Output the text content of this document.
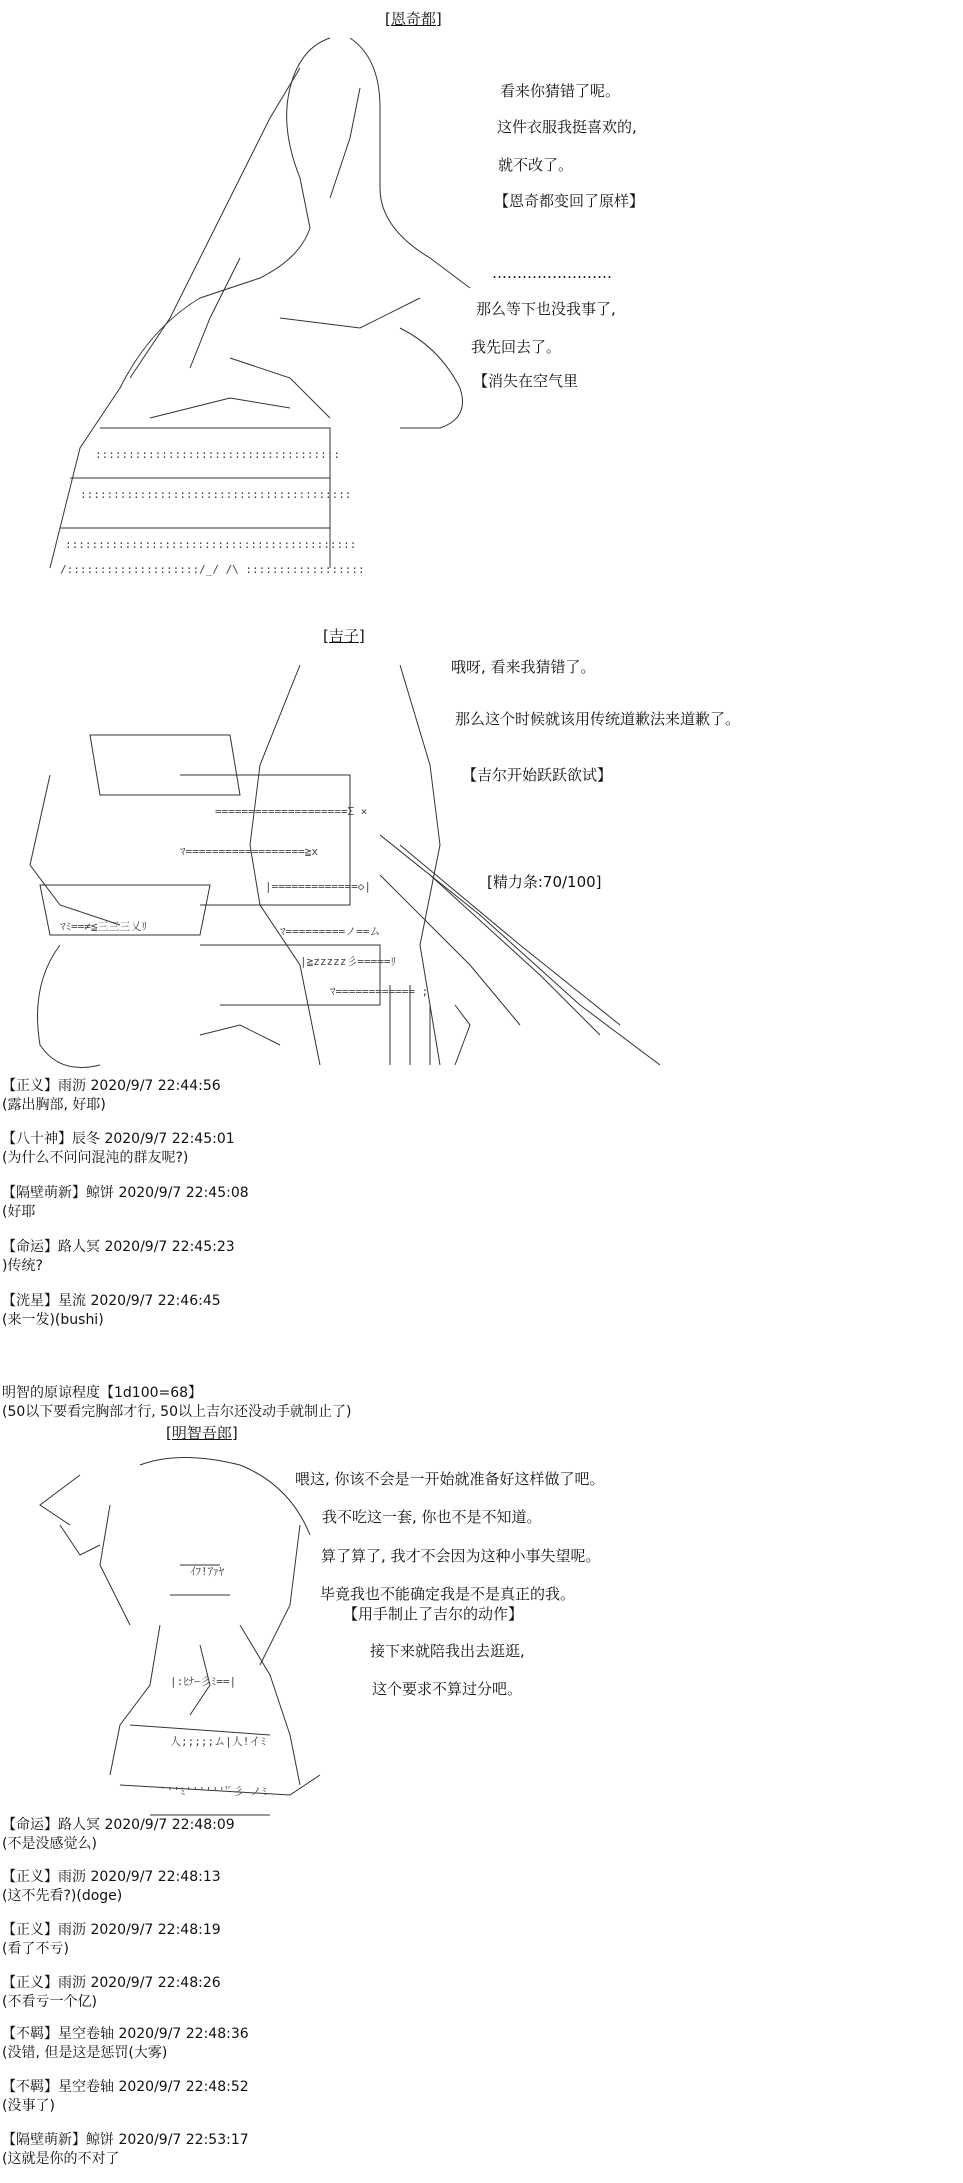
[恩奇都]
:::::::::::::::::::::::::::::::::::::
:::::::::::::::::::::::::::::::::::::::::
::::::::::::::::::::::::::::::::::::::::::::
/::::::::::::::::::::/_/ /\ ::::::::::::::::::
看来你猜错了呢。
这件衣服我挺喜欢的,
就不改了。
【恩奇都变回了原样】
……………………
那么等下也没我事了,
我先回去了。
【消失在空气里
[吉子]
====================Σ ×
ﾏ==================≧x
|=============◇|
ﾏﾐ==≠≦三三三乂ﾘ	ﾏ=========ノ==ム
|≧zzzzz彡=====ﾘ
ﾏ============ ;
哦呀, 看来我猜错了。
那么这个时候就该用传统道歉法来道歉了。
【吉尔开始跃跃欲试】
[精力条:70/100]
【正义】雨沥 2020/9/7 22:44:56
(露出胸部, 好耶)
【八十神】辰冬 2020/9/7 22:45:01
(为什么不问问混沌的群友呢?)
【隔壁萌新】鲸饼 2020/9/7 22:45:08
(好耶
【命运】路人冥 2020/9/7 22:45:23
)传统?
【洸星】星流 2020/9/7 22:46:45
(来一发)(bushi)
明智的原谅程度【1d100=68】
(50以下要看完胸部才行, 50以上吉尔还没动手就制止了)
[明智吾郎]
ｲﾌ!ｱｧﾔ
|:ﾋﾅｰ彡ﾐ==|
人;;;;;ム|人!イﾐ
`''ﾐ'''''''ﾞ彡 ノﾐ
喂这, 你该不会是一开始就准备好这样做了吧。
我不吃这一套, 你也不是不知道。
算了算了, 我才不会因为这种小事失望呢。
毕竟我也不能确定我是不是真正的我。
【用手制止了吉尔的动作】
接下来就陪我出去逛逛,
这个要求不算过分吧。
【命运】路人冥 2020/9/7 22:48:09
(不是没感觉么)
【正义】雨沥 2020/9/7 22:48:13
(这不先看?)(doge)
【正义】雨沥 2020/9/7 22:48:19
(看了不亏)
【正义】雨沥 2020/9/7 22:48:26
(不看亏一个亿)
【不羁】星空卷轴 2020/9/7 22:48:36
(没错, 但是这是惩罚(大雾)
【不羁】星空卷轴 2020/9/7 22:48:52
(没事了)
【隔壁萌新】鲸饼 2020/9/7 22:53:17
(这就是你的不对了
